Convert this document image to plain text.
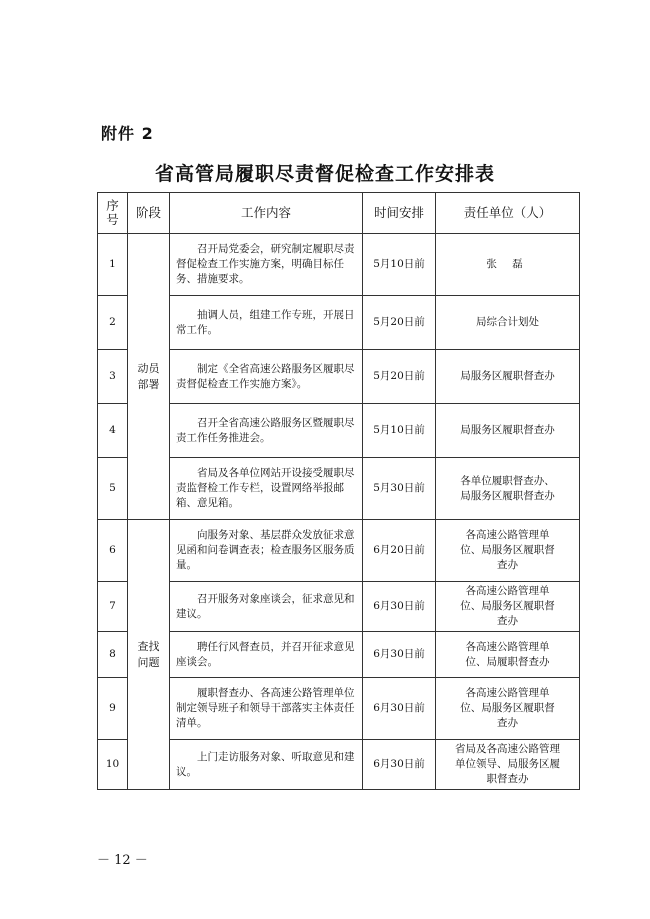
附件 2
省高管局履职尽责督促检查工作安排表
序号	阶段	工作内容	时间安排	责任单位（人）
1	动员部署	召开局党委会，研究制定履职尽责督促检查工作实施方案，明确目标任务、措施要求。	5月10日前	张 磊
2		抽调人员，组建工作专班，开展日常工作。	5月20日前	局综合计划处
3		制定《全省高速公路服务区履职尽责督促检查工作实施方案》。	5月20日前	局服务区履职督查办

4		召开全省高速公路服务区暨履职尽责工作任务推进会。	5月10日前	局服务区履职督查办

5		省局及各单位网站开设接受履职尽责监督检工作专栏，设置网络举报邮箱、意见箱。	5月30日前	各单位履职督查办、局服务区履职督查办

6	查找问题	向服务对象、基层群众发放征求意见函和问卷调查表；检查服务区服务质量。	6月20日前	各高速公路管理单位、局服务区履职督查办

7		召开服务对象座谈会，征求意见和建议。	6月30日前	各高速公路管理单位、局服务区履职督查办

8		聘任行风督查员，并召开征求意见座谈会。	6月30日前	各高速公路管理单位、局履职督查办

9		履职督查办、各高速公路管理单位制定领导班子和领导干部落实主体责任清单。	6月30日前	各高速公路管理单位、局服务区履职督查办

10		上门走访服务对象、听取意见和建议。	6月30日前	省局及各高速公路管理单位领导、局服务区履职督查办
－ 12 －
